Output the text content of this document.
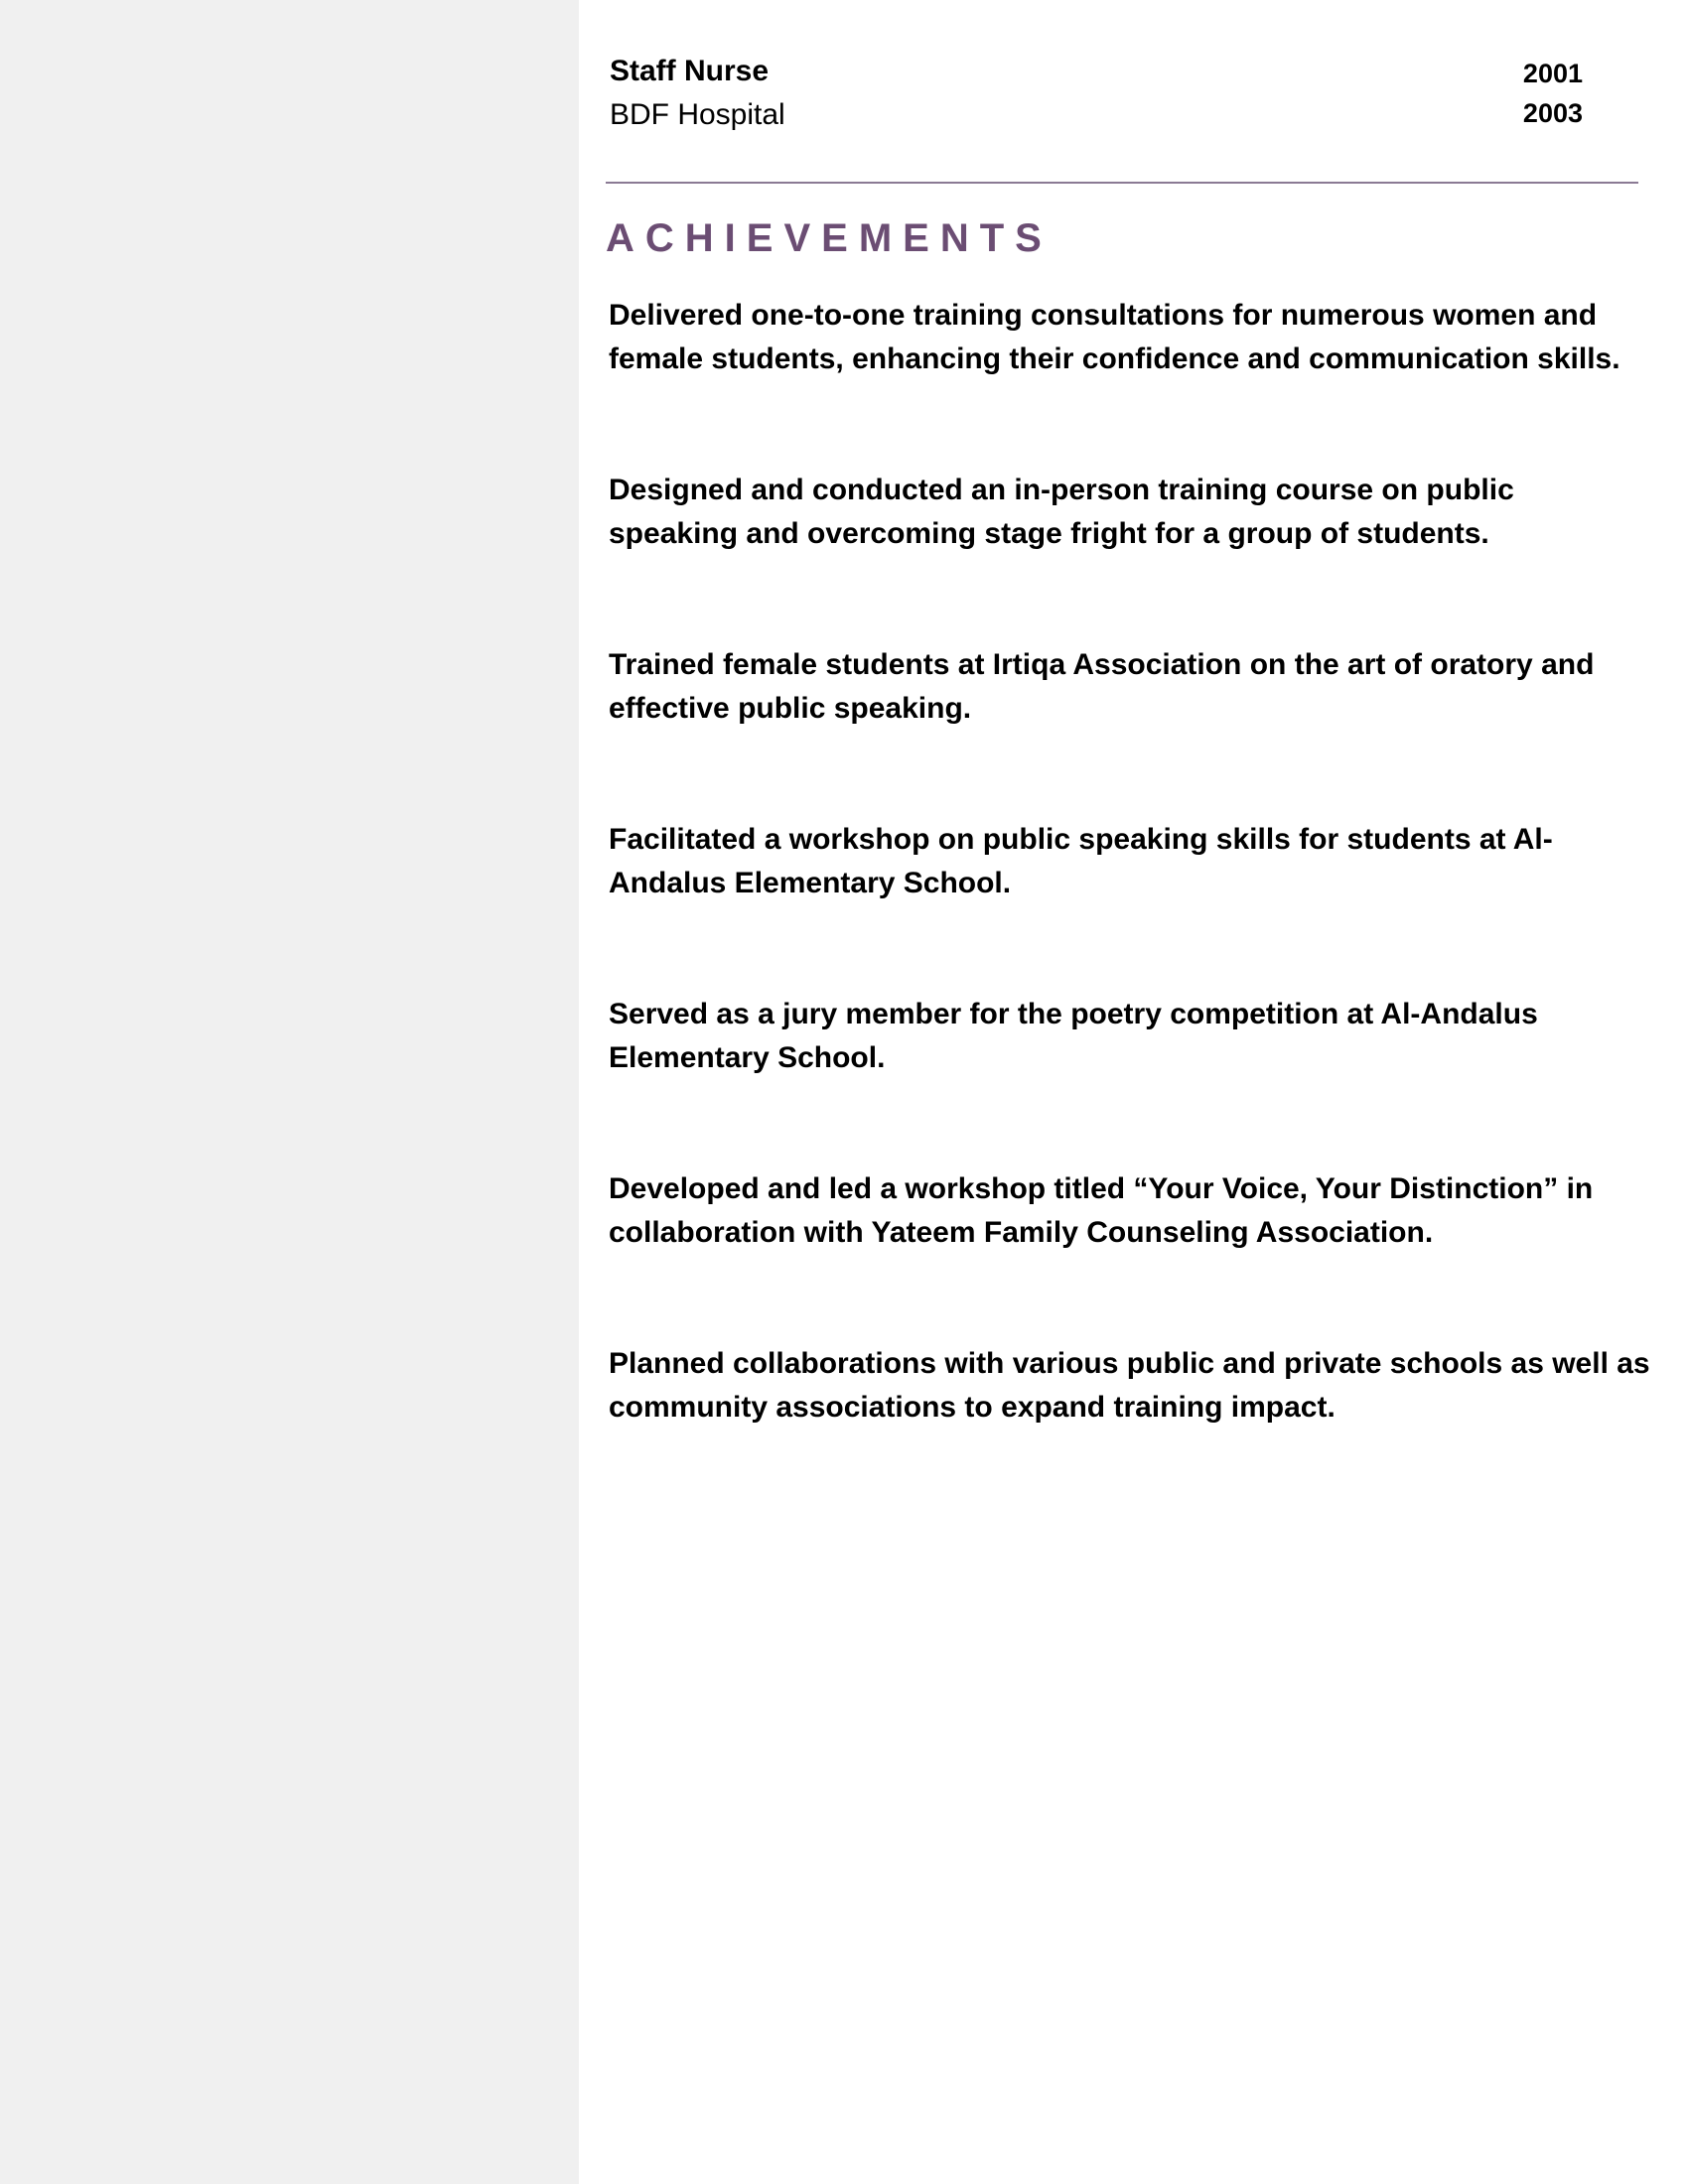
Staff Nurse
BDF Hospital
2001
2003
ACHIEVEMENTS
Delivered one-to-one training consultations for numerous women and female students, enhancing their confidence and communication skills.
Designed and conducted an in-person training course on public speaking and overcoming stage fright for a group of students.
Trained female students at Irtiqa Association on the art of oratory and effective public speaking.
Facilitated a workshop on public speaking skills for students at Al-Andalus Elementary School.
Served as a jury member for the poetry competition at Al-Andalus Elementary School.
Developed and led a workshop titled “Your Voice, Your Distinction” in collaboration with Yateem Family Counseling Association.
Planned collaborations with various public and private schools as well as community associations to expand training impact.
